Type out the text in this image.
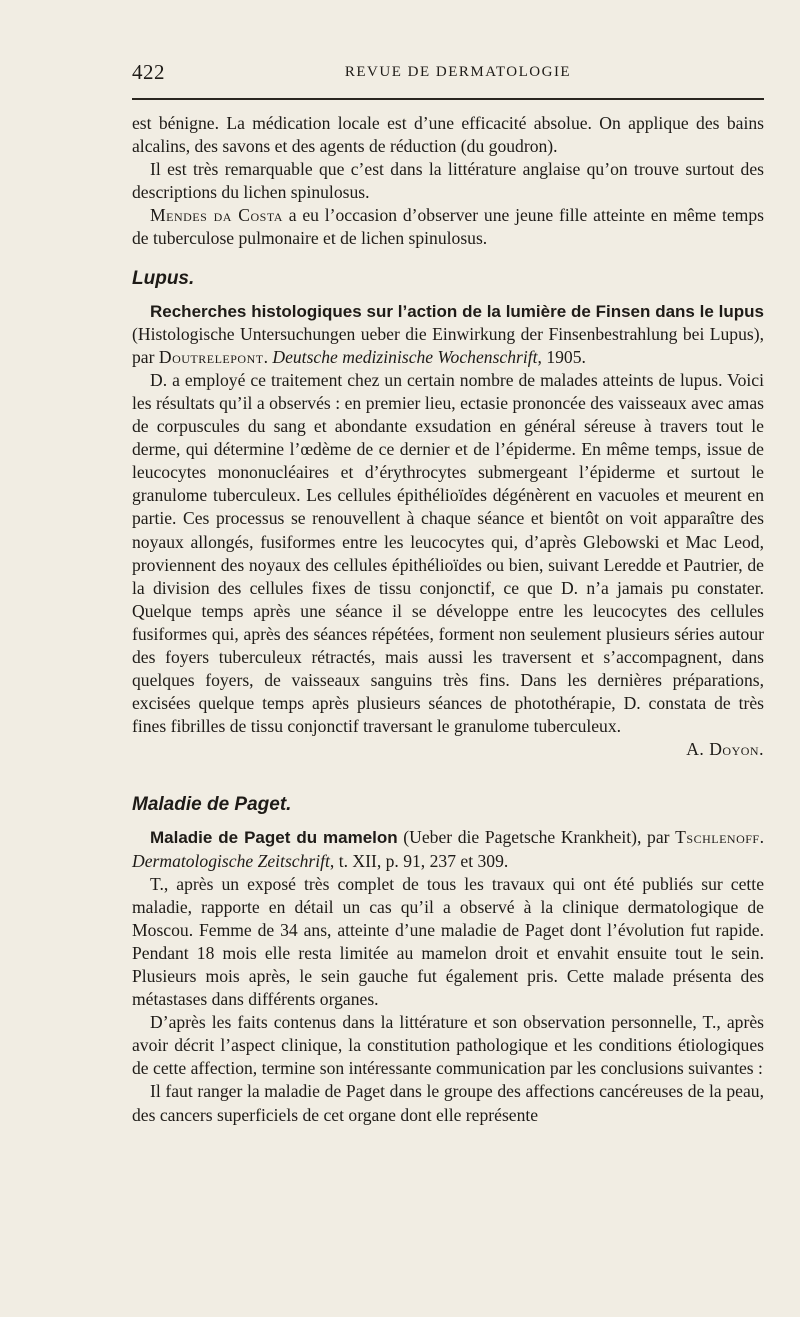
422	REVUE DE DERMATOLOGIE

est bénigne. La médication locale est d’une efficacité absolue. On applique des bains alcalins, des savons et des agents de réduction (du goudron).

Il est très remarquable que c’est dans la littérature anglaise qu’on trouve surtout des descriptions du lichen spinulosus.

Mendes da Costa a eu l’occasion d’observer une jeune fille atteinte en même temps de tuberculose pulmonaire et de lichen spinulosus.

Lupus.

Recherches histologiques sur l’action de la lumière de Finsen dans le lupus (Histologische Untersuchungen ueber die Einwirkung der Finsenbestrahlung bei Lupus), par Doutrelepont. Deutsche medizinische Wochenschrift, 1905.

D. a employé ce traitement chez un certain nombre de malades atteints de lupus. Voici les résultats qu’il a observés : en premier lieu, ectasie prononcée des vaisseaux avec amas de corpuscules du sang et abondante exsudation en général séreuse à travers tout le derme, qui détermine l’œdème de ce dernier et de l’épiderme. En même temps, issue de leucocytes mononucléaires et d’érythrocytes submergeant l’épiderme et surtout le granulome tuberculeux. Les cellules épithélioïdes dégénèrent en vacuoles et meurent en partie. Ces processus se renouvellent à chaque séance et bientôt on voit apparaître des noyaux allongés, fusiformes entre les leucocytes qui, d’après Glebowski et Mac Leod, proviennent des noyaux des cellules épithélioïdes ou bien, suivant Leredde et Pautrier, de la division des cellules fixes de tissu conjonctif, ce que D. n’a jamais pu constater. Quelque temps après une séance il se développe entre les leucocytes des cellules fusiformes qui, après des séances répétées, forment non seulement plusieurs séries autour des foyers tuberculeux rétractés, mais aussi les traversent et s’accompagnent, dans quelques foyers, de vaisseaux sanguins très fins. Dans les dernières préparations, excisées quelque temps après plusieurs séances de photothérapie, D. constata de très fines fibrilles de tissu conjonctif traversant le granulome tuberculeux.

A. Doyon.

Maladie de Paget.

Maladie de Paget du mamelon (Ueber die Pagetsche Krankheit), par Tschlenoff. Dermatologische Zeitschrift, t. XII, p. 91, 237 et 309.

T., après un exposé très complet de tous les travaux qui ont été publiés sur cette maladie, rapporte en détail un cas qu’il a observé à la clinique dermatologique de Moscou. Femme de 34 ans, atteinte d’une maladie de Paget dont l’évolution fut rapide. Pendant 18 mois elle resta limitée au mamelon droit et envahit ensuite tout le sein. Plusieurs mois après, le sein gauche fut également pris. Cette malade présenta des métastases dans différents organes.

D’après les faits contenus dans la littérature et son observation personnelle, T., après avoir décrit l’aspect clinique, la constitution pathologique et les conditions étiologiques de cette affection, termine son intéressante communication par les conclusions suivantes :

Il faut ranger la maladie de Paget dans le groupe des affections cancéreuses de la peau, des cancers superficiels de cet organe dont elle représente
